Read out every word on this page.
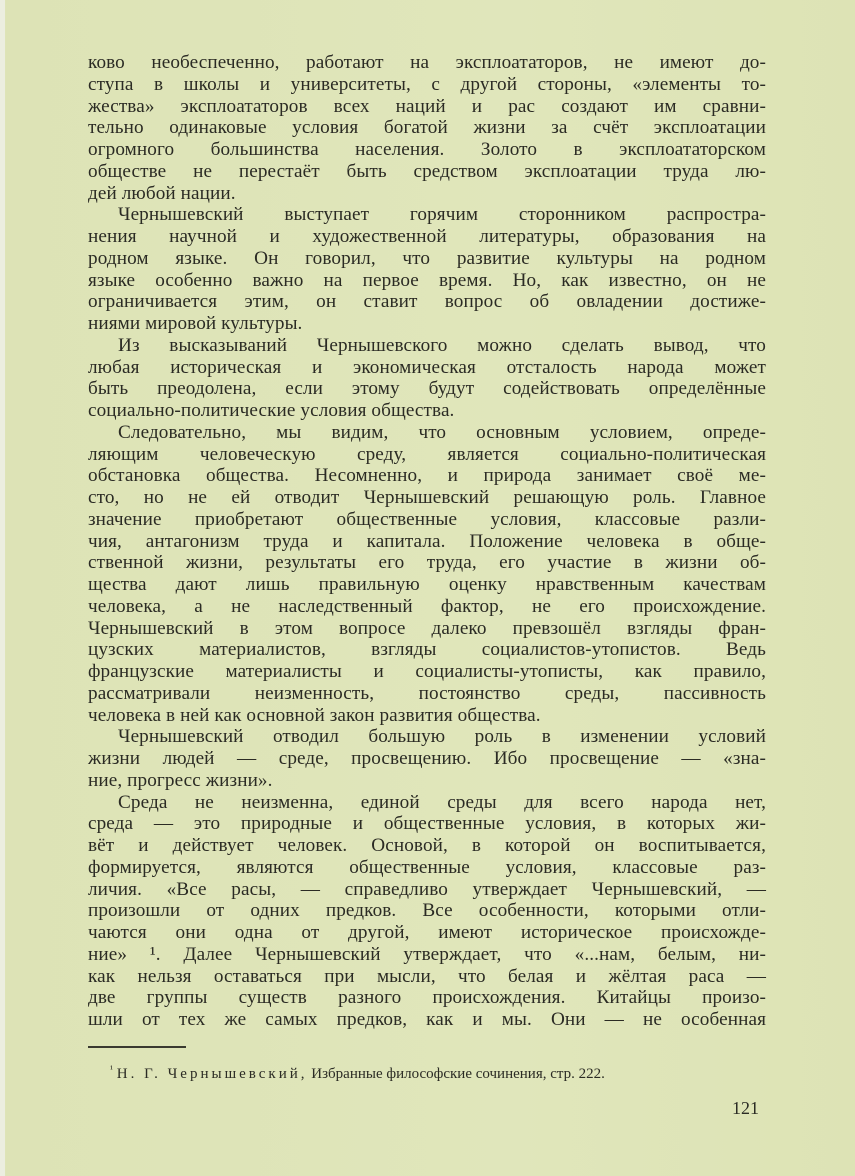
ково необеспеченно, работают на эксплоататоров, не имеют до-
ступа в школы и университеты, с другой стороны, «элементы то-
жества» эксплоататоров всех наций и рас создают им сравни-
тельно одинаковые условия богатой жизни за счёт эксплоатации
огромного большинства населения. Золото в эксплоататорском
обществе не перестаёт быть средством эксплоатации труда лю-
дей любой нации.
Чернышевский выступает горячим сторонником распростра-
нения научной и художественной литературы, образования на
родном языке. Он говорил, что развитие культуры на родном
языке особенно важно на первое время. Но, как известно, он не
ограничивается этим, он ставит вопрос об овладении достиже-
ниями мировой культуры.
Из высказываний Чернышевского можно сделать вывод, что
любая историческая и экономическая отсталость народа может
быть преодолена, если этому будут содействовать определённые
социально-политические условия общества.
Следовательно, мы видим, что основным условием, опреде-
ляющим человеческую среду, является социально-политическая
обстановка общества. Несомненно, и природа занимает своё ме-
сто, но не ей отводит Чернышевский решающую роль. Главное
значение приобретают общественные условия, классовые разли-
чия, антагонизм труда и капитала. Положение человека в обще-
ственной жизни, результаты его труда, его участие в жизни об-
щества дают лишь правильную оценку нравственным качествам
человека, а не наследственный фактор, не его происхождение.
Чернышевский в этом вопросе далеко превзошёл взгляды фран-
цузских материалистов, взгляды социалистов-утопистов. Ведь
французские материалисты и социалисты-утописты, как правило,
рассматривали неизменность, постоянство среды, пассивность
человека в ней как основной закон развития общества.
Чернышевский отводил большую роль в изменении условий
жизни людей — среде, просвещению. Ибо просвещение — «зна-
ние, прогресс жизни».
Среда не неизменна, единой среды для всего народа нет,
среда — это природные и общественные условия, в которых жи-
вёт и действует человек. Основой, в которой он воспитывается,
формируется, являются общественные условия, классовые раз-
личия. «Все расы, — справедливо утверждает Чернышевский, —
произошли от одних предков. Все особенности, которыми отли-
чаются они одна от другой, имеют историческое происхожде-
ние» ¹. Далее Чернышевский утверждает, что «...нам, белым, ни-
как нельзя оставаться при мысли, что белая и жёлтая раса —
две группы существ разного происхождения. Китайцы произо-
шли от тех же самых предков, как и мы. Они — не особенная
$^{^1}$ Н. Г. Чернышевский, Избранные философские сочинения, стр. 222.
121
